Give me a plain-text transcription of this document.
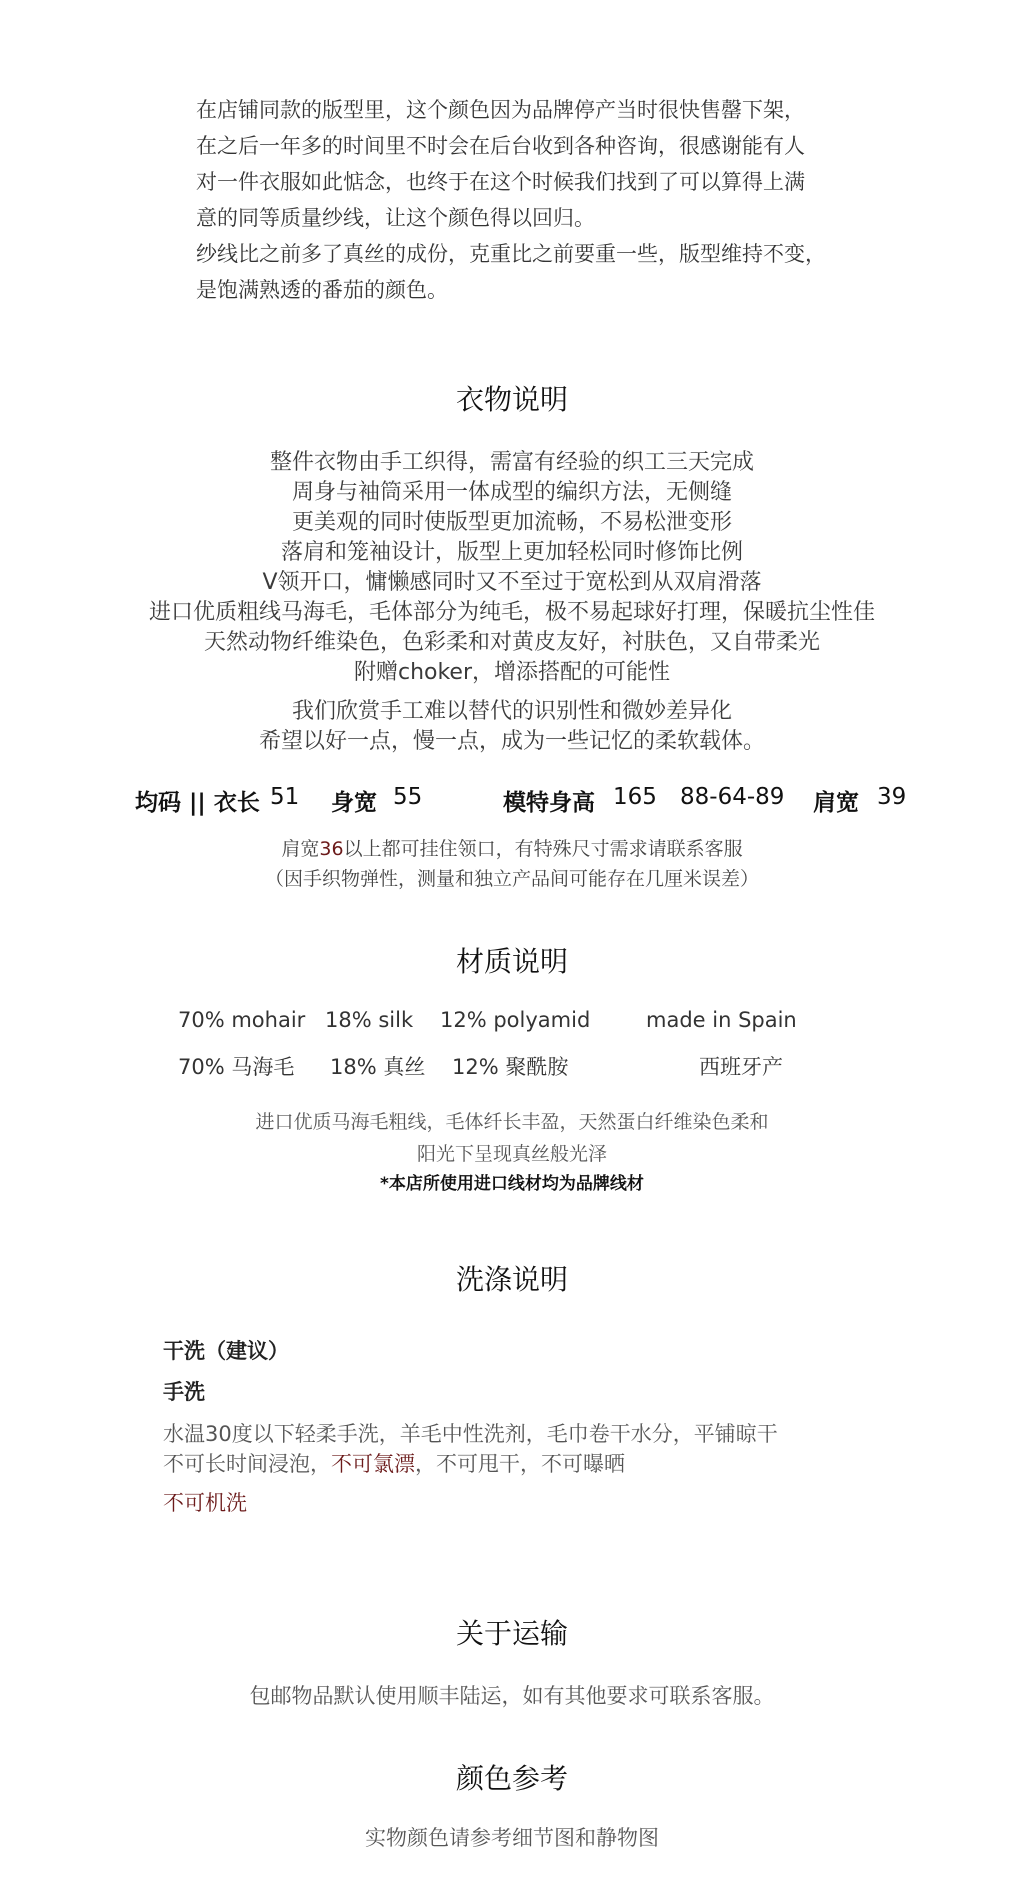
在店铺同款的版型里，这个颜色因为品牌停产当时很快售罄下架，

在之后一年多的时间里不时会在后台收到各种咨询，很感谢能有人

对一件衣服如此惦念，也终于在这个时候我们找到了可以算得上满

意的同等质量纱线，让这个颜色得以回归。

纱线比之前多了真丝的成份，克重比之前要重一些，版型维持不变，

是饱满熟透的番茄的颜色。

衣物说明

整件衣物由手工织得，需富有经验的织工三天完成

周身与袖筒采用一体成型的编织方法，无侧缝

更美观的同时使版型更加流畅，不易松泄变形

落肩和笼袖设计，版型上更加轻松同时修饰比例

V领开口，慵懒感同时又不至过于宽松到从双肩滑落

进口优质粗线马海毛，毛体部分为纯毛，极不易起球好打理，保暖抗尘性佳

天然动物纤维染色，色彩柔和对黄皮友好，衬肤色，又自带柔光

附赠choker，增添搭配的可能性

我们欣赏手工难以替代的识别性和微妙差异化

希望以好一点，慢一点，成为一些记忆的柔软载体。

均码 || 衣长 51 身宽 55	模特身高 165 88-64-89 肩宽 39

肩宽36以上都可挂住领口，有特殊尺寸需求请联系客服

（因手织物弹性，测量和独立产品间可能存在几厘米误差）

材质说明
70% mohair 18% silk 12% polyamid	made in Spain
70% 马海毛 18% 真丝 12% 聚酰胺	西班牙产

进口优质马海毛粗线，毛体纤长丰盈，天然蛋白纤维染色柔和

阳光下呈现真丝般光泽

*本店所使用进口线材均为品牌线材
洗涤说明
干洗（建议）
手洗

水温30度以下轻柔手洗，羊毛中性洗剂，毛巾卷干水分，平铺晾干

不可长时间浸泡，不可氯漂，不可甩干，不可曝晒

不可机洗
关于运输
包邮物品默认使用顺丰陆运，如有其他要求可联系客服。
颜色参考
实物颜色请参考细节图和静物图
